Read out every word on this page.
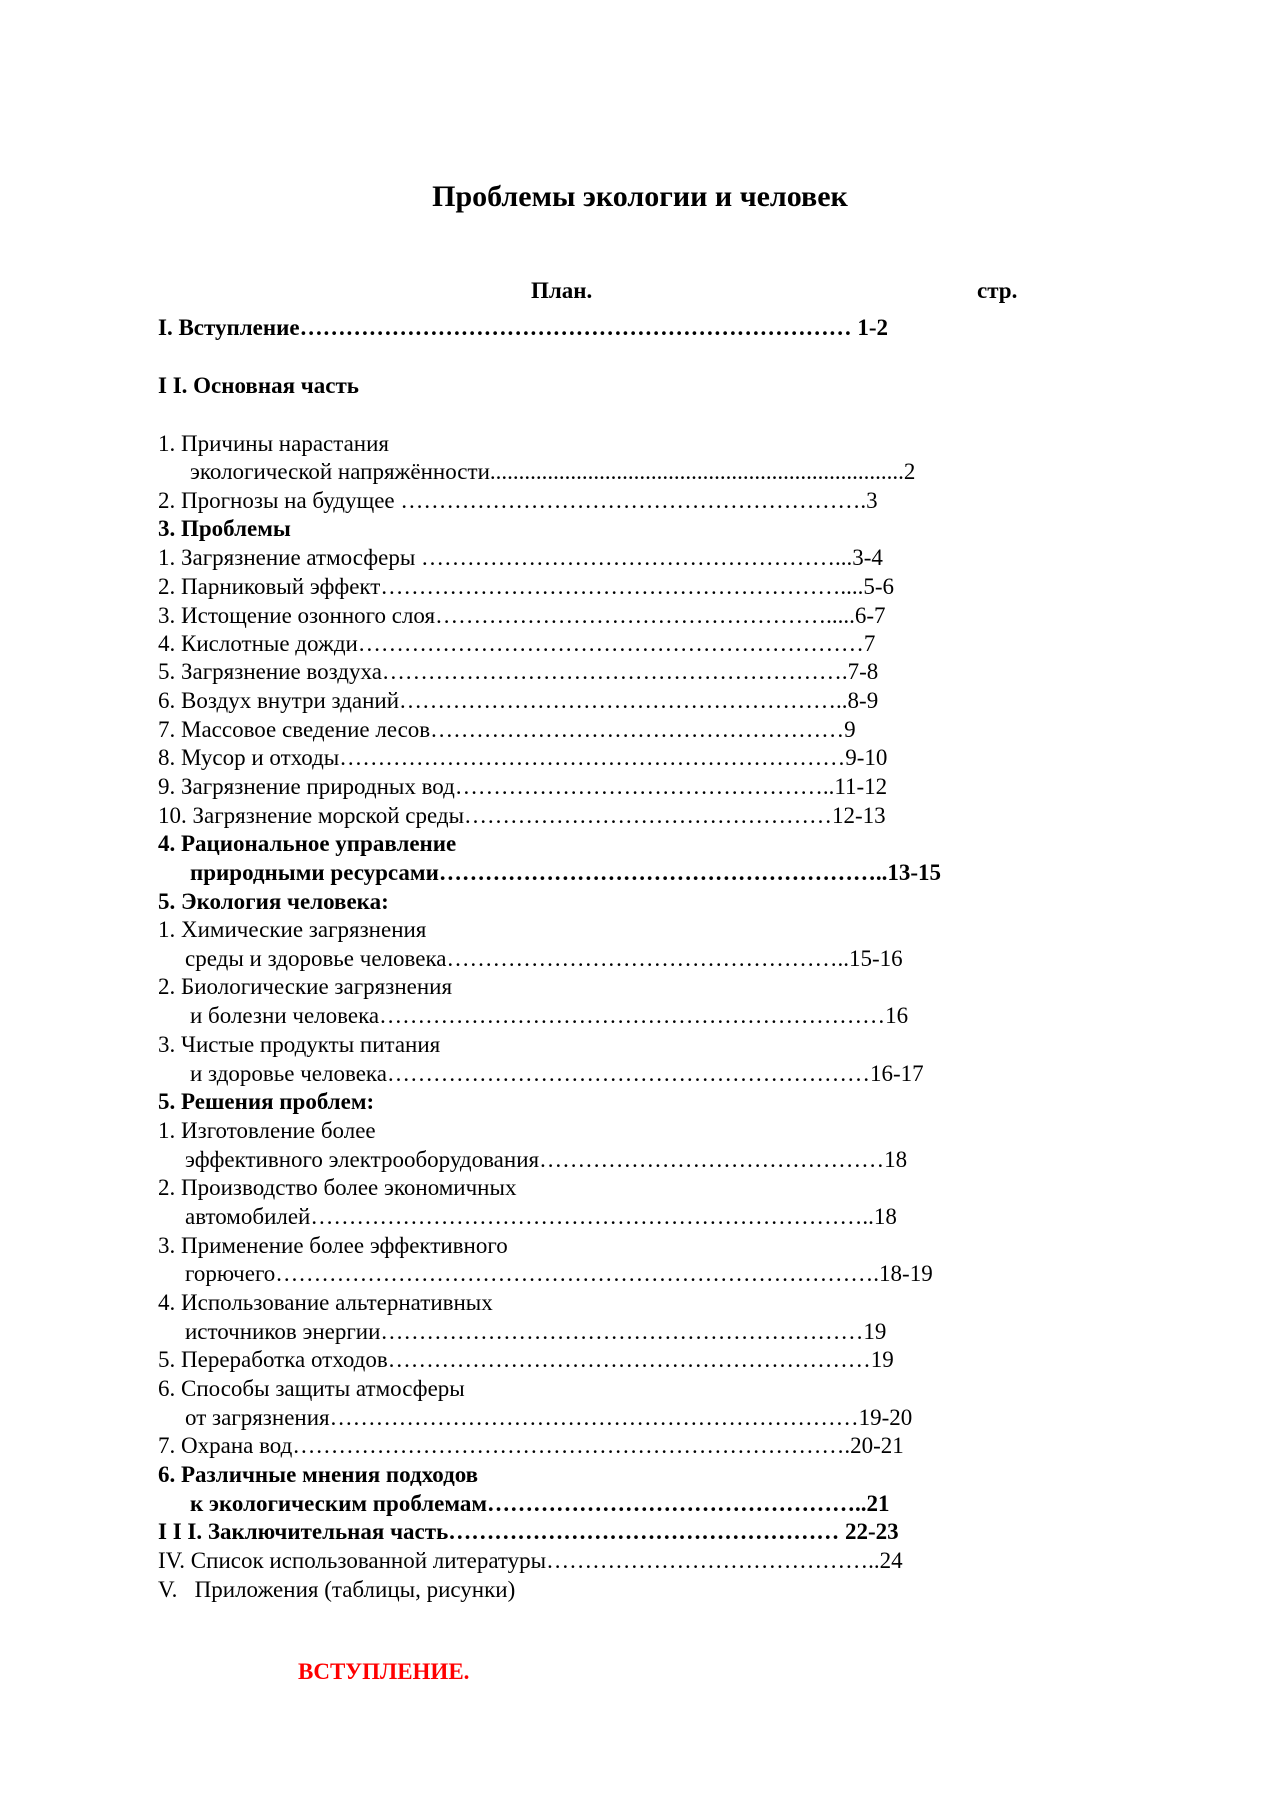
Проблемы экологии и человек
План.	стр.
I. Вступление……………………………………………………………… 1-2
I I. Основная часть
1. Причины нарастания
экологической напряжённости........................................................................2
2. Прогнозы на будущее …………………………………………………….3
3. Проблемы
1. Загрязнение атмосферы ………………………………………………...3-4
2. Парниковый эффект……………………………………………………....5-6
3. Истощение озонного слоя…………………………………………….....6-7
4. Кислотные дожди…………………………………………………………7
5. Загрязнение воздуха…………………………………………………….7-8
6. Воздух внутри зданий…………………………………………………..8-9
7. Массовое сведение лесов………………………………………………9
8. Мусор и отходы…………………………………………………………9-10
9. Загрязнение природных вод…………………………………………..11-12
10. Загрязнение морской среды…………………………………………12-13
4. Рациональное управление
природными ресурсами…………………………………………………..13-15
5. Экология человека:
1. Химические загрязнения
среды и здоровье человека……………………………………………..15-16
2. Биологические загрязнения
и болезни человека…………………………………………………………16
3. Чистые продукты питания
и здоровье человека………………………………………………………16-17
5. Решения проблем:
1. Изготовление более
эффективного электрооборудования………………………………………18
2. Производство более экономичных
автомобилей………………………………………………………………..18
3. Применение более эффективного
горючего…………………………………………………………………….18-19
4. Использование альтернативных
источников энергии………………………………………………………19
5. Переработка отходов………………………………………………………19
6. Способы защиты атмосферы
от загрязнения……………………………………………………………19-20
7. Охрана вод……………………………………………………………….20-21
6. Различные мнения подходов
к экологическим проблемам…………………………………………..21
I I I. Заключительная часть…………………………………………… 22-23
IV. Список использованной литературы……………………………………..24
V.   Приложения (таблицы, рисунки)
ВСТУПЛЕНИЕ.
